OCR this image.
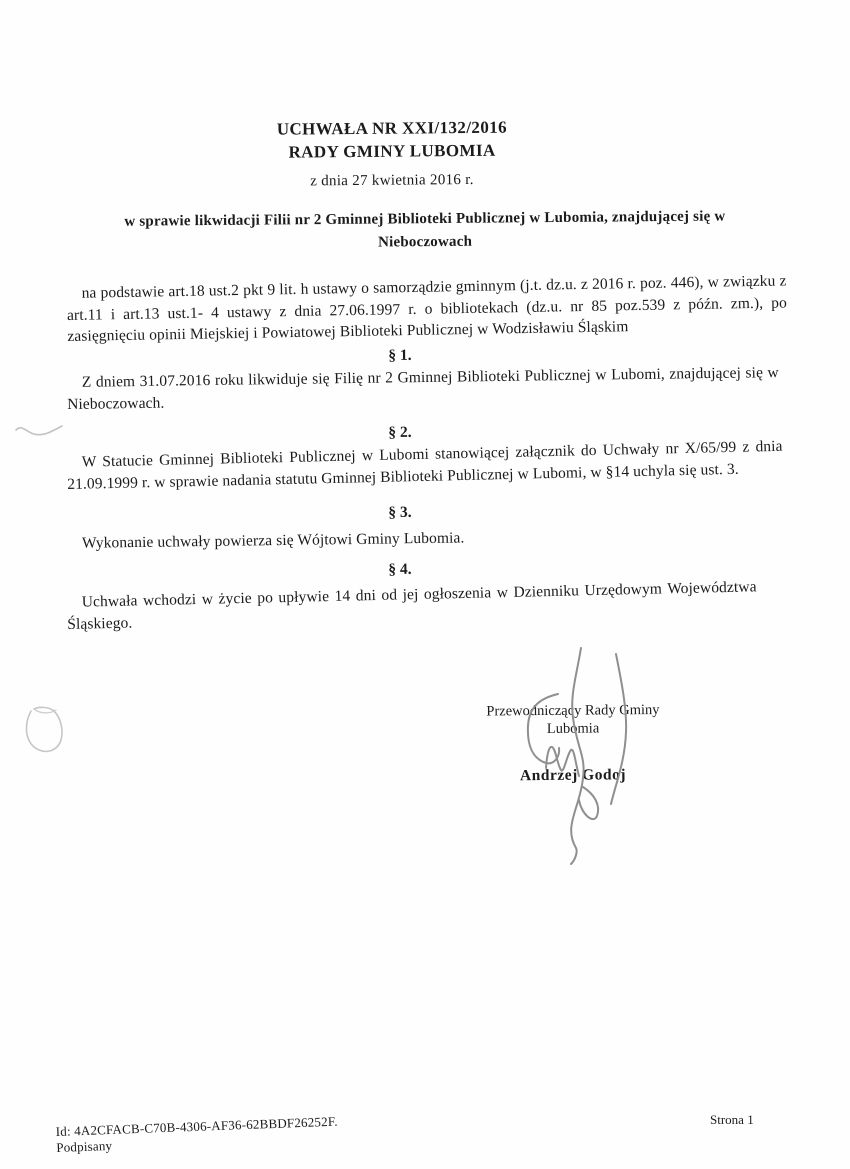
UCHWAŁA NR XXI/132/2016
RADY GMINY LUBOMIA
z dnia 27 kwietnia 2016 r.
w sprawie likwidacji Filii nr 2 Gminnej Biblioteki Publicznej w Lubomia, znajdującej się w Nieboczowach
na podstawie art.18 ust.2 pkt 9 lit. h ustawy o samorządzie gminnym (j.t. dz.u. z 2016 r. poz. 446), w związku z art.11 i art.13 ust.1- 4 ustawy z dnia 27.06.1997 r. o bibliotekach (dz.u. nr 85 poz.539 z późn. zm.), po zasięgnięciu opinii Miejskiej i Powiatowej Biblioteki Publicznej w Wodzisławiu Śląskim
§ 1.
Z dniem 31.07.2016 roku likwiduje się Filię nr 2 Gminnej Biblioteki Publicznej w Lubomi, znajdującej się w Nieboczowach.
§ 2.
W Statucie Gminnej Biblioteki Publicznej w Lubomi stanowiącej załącznik do Uchwały nr X/65/99 z dnia 21.09.1999 r. w sprawie nadania statutu Gminnej Biblioteki Publicznej w Lubomi, w §14 uchyla się ust. 3.
§ 3.
Wykonanie uchwały powierza się Wójtowi Gminy Lubomia.
§ 4.
Uchwała wchodzi w życie po upływie 14 dni od jej ogłoszenia w Dzienniku Urzędowym Województwa Śląskiego.
Przewodniczący Rady Gminy
Lubomia
Andrzej Godoj
Strona 1
Id: 4A2CFACB-C70B-4306-AF36-62BBDF26252F. Podpisany
